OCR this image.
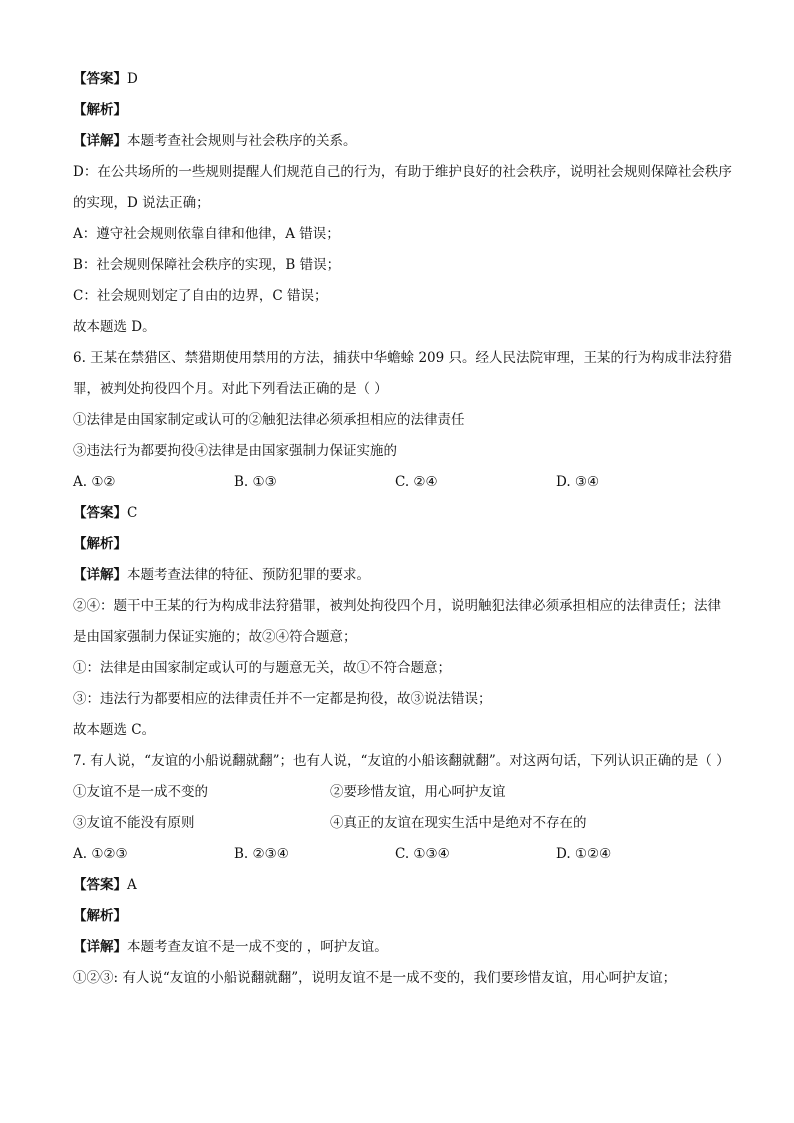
【答案】D

【解析】

【详解】本题考查社会规则与社会秩序的关系。

D：在公共场所的一些规则提醒人们规范自己的行为，有助于维护良好的社会秩序，说明社会规则保障社会秩序的实现，D 说法正确；

A：遵守社会规则依靠自律和他律，A 错误；

B：社会规则保障社会秩序的实现，B 错误；

C：社会规则划定了自由的边界，C 错误；

故本题选 D。

6. 王某在禁猎区、禁猎期使用禁用的方法，捕获中华蟾蜍 209 只。经人民法院审理，王某的行为构成非法狩猎罪，被判处拘役四个月。对此下列看法正确的是（ ）

①法律是由国家制定或认可的②触犯法律必须承担相应的法律责任

③违法行为都要拘役④法律是由国家强制力保证实施的

A. ①②	B. ①③	C. ②④	D. ③④

【答案】C

【解析】

【详解】本题考查法律的特征、预防犯罪的要求。

②④：题干中王某的行为构成非法狩猎罪，被判处拘役四个月，说明触犯法律必须承担相应的法律责任；法律是由国家强制力保证实施的；故②④符合题意；

①：法律是由国家制定或认可的与题意无关，故①不符合题意；

③：违法行为都要相应的法律责任并不一定都是拘役，故③说法错误；

故本题选 C。

7. 有人说，“友谊的小船说翻就翻”；也有人说，“友谊的小船该翻就翻”。对这两句话，下列认识正确的是（ ）

①友谊不是一成不变的	②要珍惜友谊，用心呵护友谊
③友谊不能没有原则	④真正的友谊在现实生活中是绝对不存在的
A. ①②③	B. ②③④	C. ①③④	D. ①②④

【答案】A

【解析】

【详解】本题考查友谊不是一成不变的 ，呵护友谊。

①②③: 有人说“友谊的小船说翻就翻”，说明友谊不是一成不变的，我们要珍惜友谊，用心呵护友谊；
